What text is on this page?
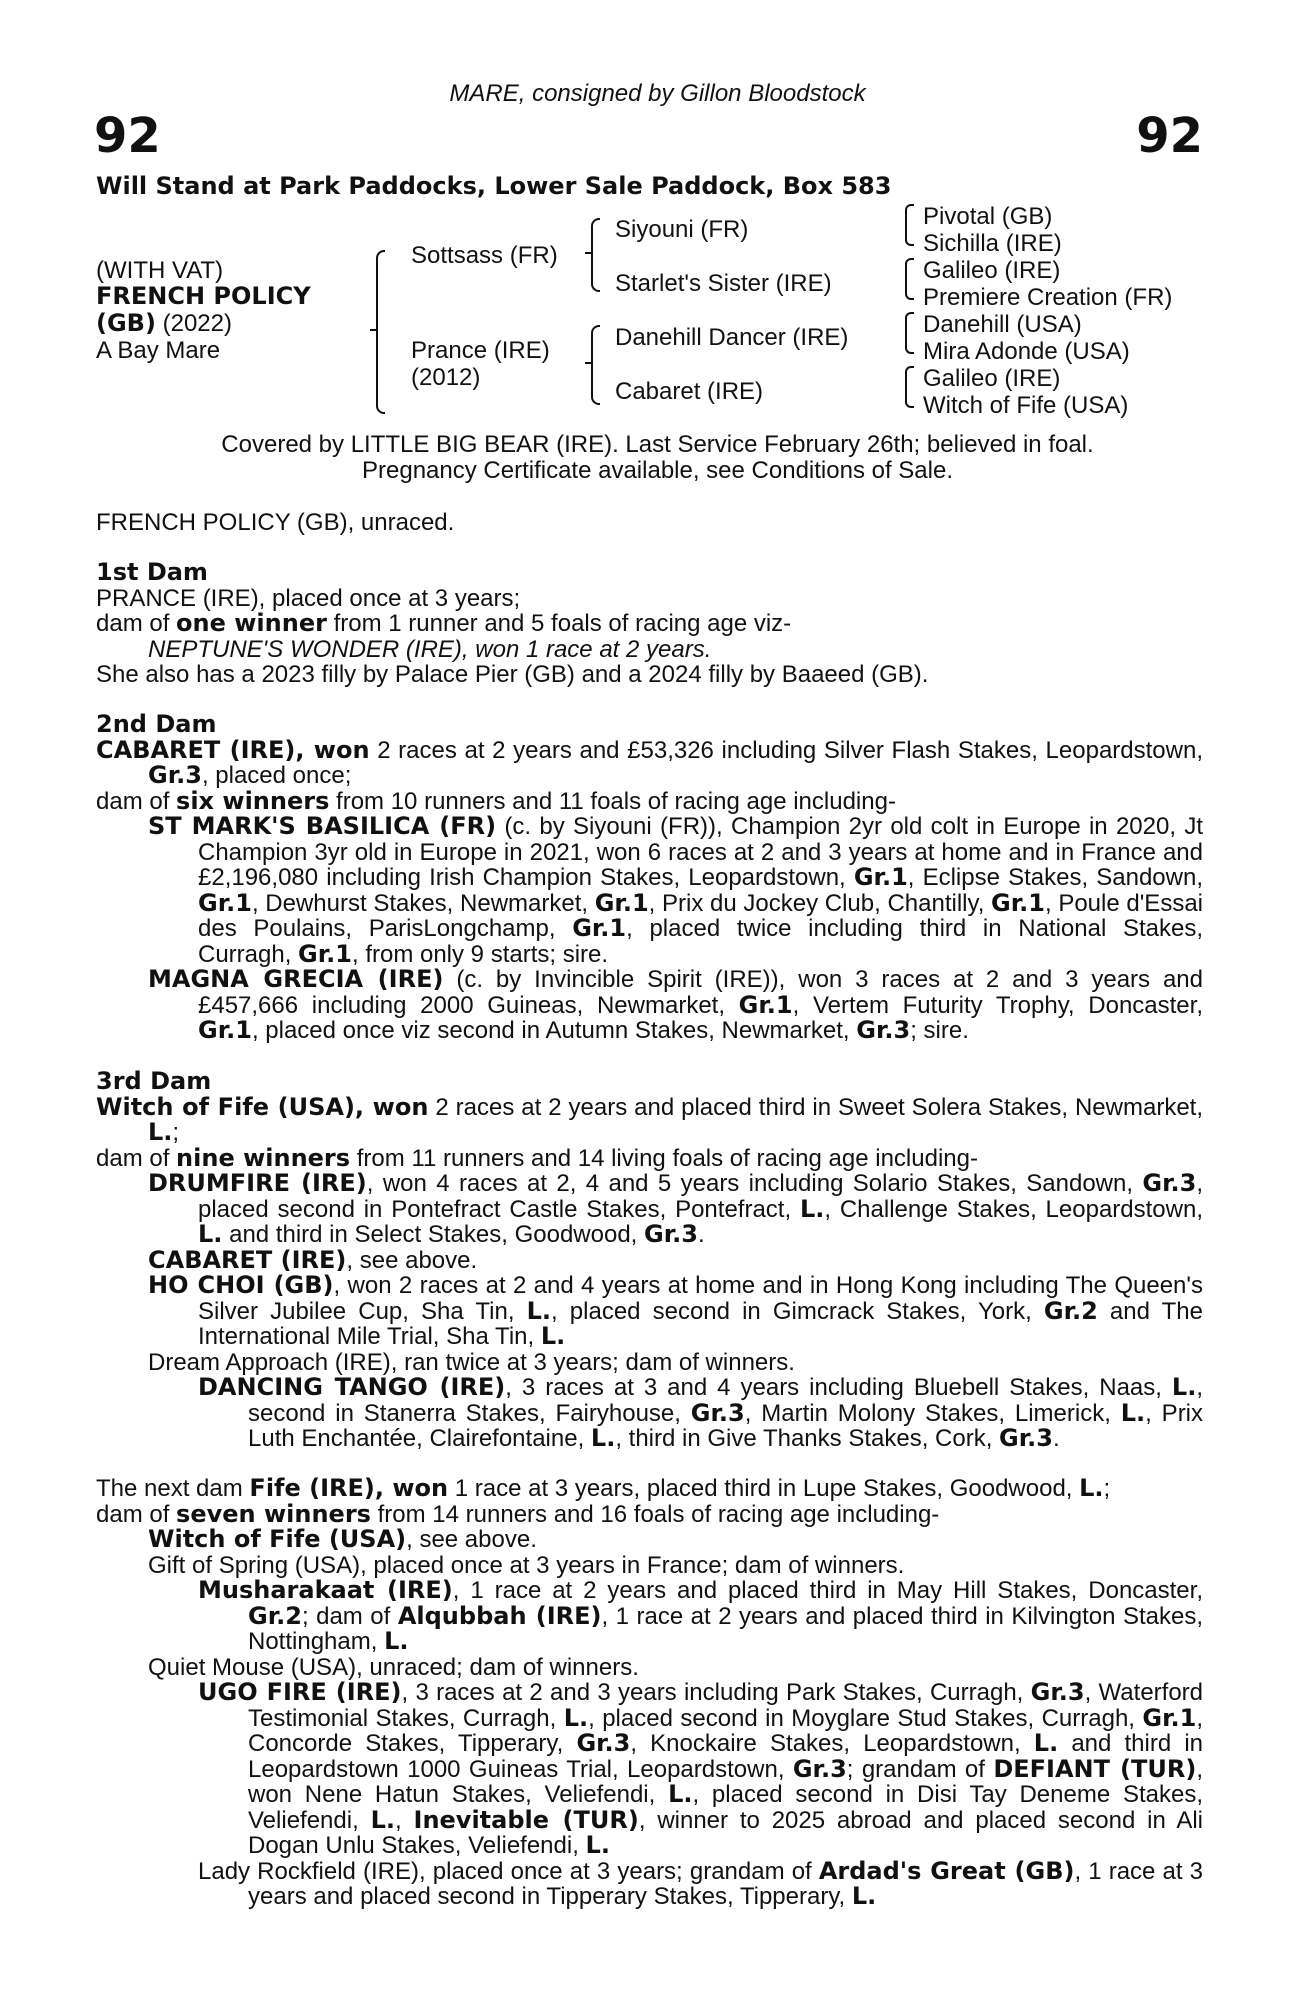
MARE, consigned by Gillon Bloodstock
92	92
Will Stand at Park Paddocks, Lower Sale Paddock, Box 583
(WITH VAT)
FRENCH POLICY
(GB) (2022)
A Bay Mare
Sottsass (FR)
Prance (IRE)
(2012)
Siyouni (FR)
Starlet's Sister (IRE)
Danehill Dancer (IRE)
Cabaret (IRE)
Pivotal (GB)
Sichilla (IRE)
Galileo (IRE)
Premiere Creation (FR)
Danehill (USA)
Mira Adonde (USA)
Galileo (IRE)
Witch of Fife (USA)
Covered by LITTLE BIG BEAR (IRE). Last Service February 26th; believed in foal.
Pregnancy Certificate available, see Conditions of Sale.

FRENCH POLICY (GB), unraced.

1st Dam

PRANCE (IRE), placed once at 3 years;

dam of one winner from 1 runner and 5 foals of racing age viz-

NEPTUNE'S WONDER (IRE), won 1 race at 2 years.

She also has a 2023 filly by Palace Pier (GB) and a 2024 filly by Baaeed (GB).

2nd Dam

CABARET (IRE), won 2 races at 2 years and £53,326 including Silver Flash Stakes, Leopardstown, Gr.3, placed once;

dam of six winners from 10 runners and 11 foals of racing age including-

ST MARK'S BASILICA (FR) (c. by Siyouni (FR)), Champion 2yr old colt in Europe in 2020, Jt Champion 3yr old in Europe in 2021, won 6 races at 2 and 3 years at home and in France and £2,196,080 including Irish Champion Stakes, Leopardstown, Gr.1, Eclipse Stakes, Sandown, Gr.1, Dewhurst Stakes, Newmarket, Gr.1, Prix du Jockey Club, Chantilly, Gr.1, Poule d'Essai des Poulains, ParisLongchamp, Gr.1, placed twice including third in National Stakes, Curragh, Gr.1, from only 9 starts; sire.

MAGNA GRECIA (IRE) (c. by Invincible Spirit (IRE)), won 3 races at 2 and 3 years and £457,666 including 2000 Guineas, Newmarket, Gr.1, Vertem Futurity Trophy, Doncaster, Gr.1, placed once viz second in Autumn Stakes, Newmarket, Gr.3; sire.

3rd Dam

Witch of Fife (USA), won 2 races at 2 years and placed third in Sweet Solera Stakes, Newmarket, L.;

dam of nine winners from 11 runners and 14 living foals of racing age including-

DRUMFIRE (IRE), won 4 races at 2, 4 and 5 years including Solario Stakes, Sandown, Gr.3, placed second in Pontefract Castle Stakes, Pontefract, L., Challenge Stakes, Leopardstown, L. and third in Select Stakes, Goodwood, Gr.3.

CABARET (IRE), see above.

HO CHOI (GB), won 2 races at 2 and 4 years at home and in Hong Kong including The Queen's Silver Jubilee Cup, Sha Tin, L., placed second in Gimcrack Stakes, York, Gr.2 and The International Mile Trial, Sha Tin, L.

Dream Approach (IRE), ran twice at 3 years; dam of winners.

DANCING TANGO (IRE), 3 races at 3 and 4 years including Bluebell Stakes, Naas, L., second in Stanerra Stakes, Fairyhouse, Gr.3, Martin Molony Stakes, Limerick, L., Prix Luth Enchantée, Clairefontaine, L., third in Give Thanks Stakes, Cork, Gr.3.

The next dam Fife (IRE), won 1 race at 3 years, placed third in Lupe Stakes, Goodwood, L.;

dam of seven winners from 14 runners and 16 foals of racing age including-

Witch of Fife (USA), see above.

Gift of Spring (USA), placed once at 3 years in France; dam of winners.

Musharakaat (IRE), 1 race at 2 years and placed third in May Hill Stakes, Doncaster, Gr.2; dam of Alqubbah (IRE), 1 race at 2 years and placed third in Kilvington Stakes, Nottingham, L.

Quiet Mouse (USA), unraced; dam of winners.

UGO FIRE (IRE), 3 races at 2 and 3 years including Park Stakes, Curragh, Gr.3, Waterford Testimonial Stakes, Curragh, L., placed second in Moyglare Stud Stakes, Curragh, Gr.1, Concorde Stakes, Tipperary, Gr.3, Knockaire Stakes, Leopardstown, L. and third in Leopardstown 1000 Guineas Trial, Leopardstown, Gr.3; grandam of DEFIANT (TUR), won Nene Hatun Stakes, Veliefendi, L., placed second in Disi Tay Deneme Stakes, Veliefendi, L., Inevitable (TUR), winner to 2025 abroad and placed second in Ali Dogan Unlu Stakes, Veliefendi, L.

Lady Rockfield (IRE), placed once at 3 years; grandam of Ardad's Great (GB), 1 race at 3 years and placed second in Tipperary Stakes, Tipperary, L.
